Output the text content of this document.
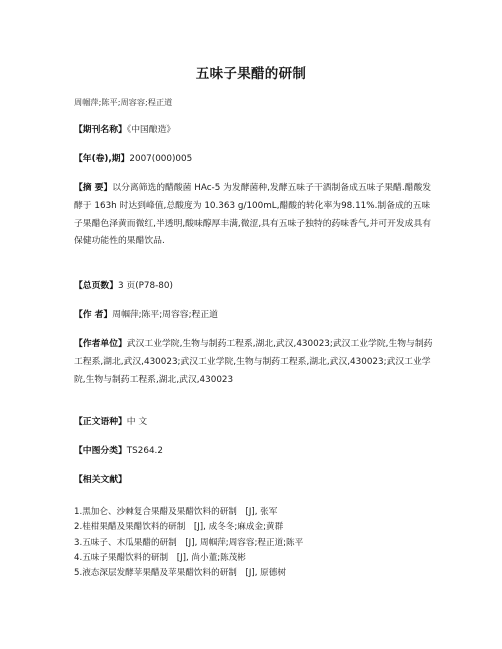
五味子果醋的研制
周帼萍;陈平;周容容;程正道
【期刊名称】《中国酿造》
【年(卷),期】2007(000)005
【摘 要】以分离筛选的醋酸菌 HAc-5 为发酵菌种,发酵五味子干酒制备成五味子果醋.醋酸发酵于 163h 时达到峰值,总酸度为 10.363 g/100mL,醋酸的转化率为98.11%.制备成的五味子果醋色泽黄而微红,半透明,酸味醇厚丰满,微涩,具有五味子独特的药味香气,并可开发成具有保健功能性的果醋饮品.
【总页数】3 页(P78-80)
【作 者】周帼萍;陈平;周容容;程正道
【作者单位】武汉工业学院,生物与制药工程系,湖北,武汉,430023;武汉工业学院,生物与制药工程系,湖北,武汉,430023;武汉工业学院,生物与制药工程系,湖北,武汉,430023;武汉工业学院,生物与制药工程系,湖北,武汉,430023
【正文语种】中 文
【中图分类】TS264.2
【相关文献】
1.黑加仑、沙棘复合果醋及果醋饮料的研制　[J], 张军
2.桂柑果醋及果醋饮料的研制　[J], 成冬冬;麻成金;黄群
3.五味子、木瓜果醋的研制　[J], 周帼萍;周容容;程正道;陈平
4.五味子果醋饮料的研制　[J], 尚小董;陈茂彬
5.液态深层发酵苹果醋及苹果醋饮料的研制　[J], 原德树
